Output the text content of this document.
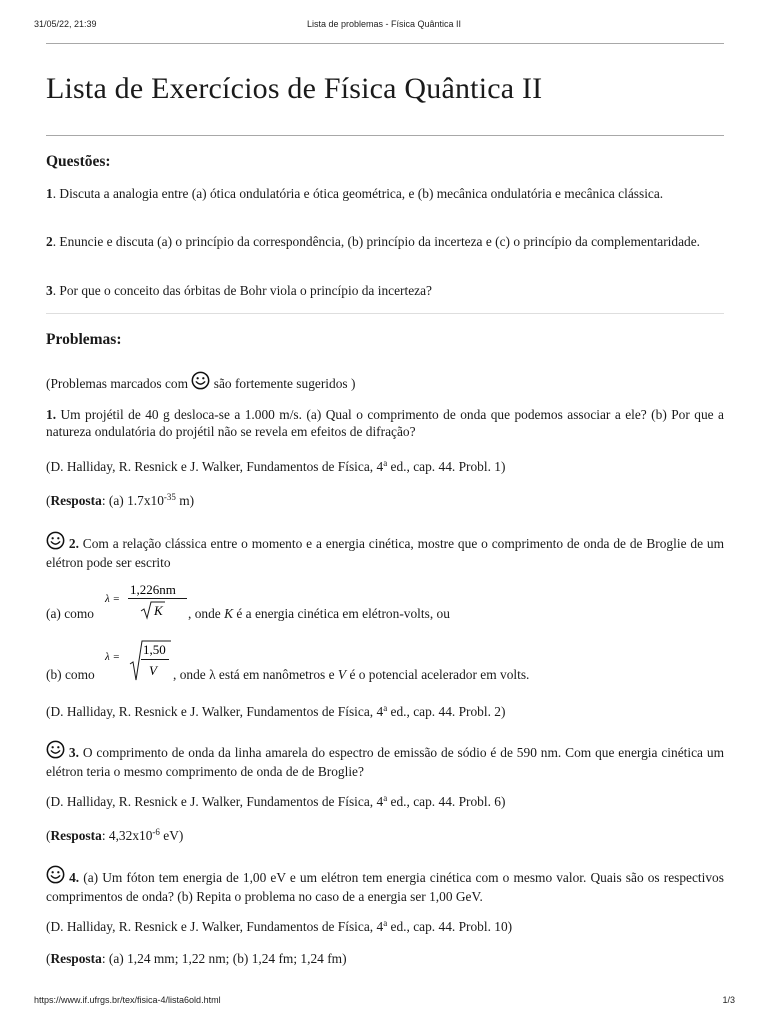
31/05/22, 21:39	Lista de problemas - Física Quântica II
Lista de Exercícios de Física Quântica II
Questões:
1. Discuta a analogia entre (a) ótica ondulatória e ótica geométrica, e (b) mecânica ondulatória e mecânica clássica.
2. Enuncie e discuta (a) o princípio da correspondência, (b) princípio da incerteza e (c) o princípio da complementaridade.
3. Por que o conceito das órbitas de Bohr viola o princípio da incerteza?
Problemas:
(Problemas marcados com são fortemente sugeridos )
1. Um projétil de 40 g desloca-se a 1.000 m/s. (a) Qual o comprimento de onda que podemos associar a ele? (b) Por que a natureza ondulatória do projétil não se revela em efeitos de difração?
(D. Halliday, R. Resnick e J. Walker, Fundamentos de Física, 4$^a$ ed., cap. 44. Probl. 1)
(Resposta: (a) $1.7x10^{-35}$ m)
2. Com a relação clássica entre o momento e a energia cinética, mostre que o comprimento de onda de de Broglie de um elétron pode ser escrito
(a) como
λ =
1,226nm
K , onde K é a energia cinética em elétron-volts, ou
(b) como
λ = 1,50
V , onde λ está em nanômetros e V é o potencial acelerador em volts.
(D. Halliday, R. Resnick e J. Walker, Fundamentos de Física, 4$^a$ ed., cap. 44. Probl. 2)
3. O comprimento de onda da linha amarela do espectro de emissão de sódio é de 590 nm. Com que energia cinética um elétron teria o mesmo comprimento de onda de de Broglie?
(D. Halliday, R. Resnick e J. Walker, Fundamentos de Física, 4$^a$ ed., cap. 44. Probl. 6)
(Resposta: $4,32x10^{-6}$ eV)
4. (a) Um fóton tem energia de 1,00 eV e um elétron tem energia cinética com o mesmo valor. Quais são os respectivos comprimentos de onda? (b) Repita o problema no caso de a energia ser 1,00 GeV.
(D. Halliday, R. Resnick e J. Walker, Fundamentos de Física, 4$^a$ ed., cap. 44. Probl. 10)
(Resposta: (a) 1,24 mm; 1,22 nm; (b) 1,24 fm; 1,24 fm)
https://www.if.ufrgs.br/tex/fisica-4/lista6old.html	1/3
